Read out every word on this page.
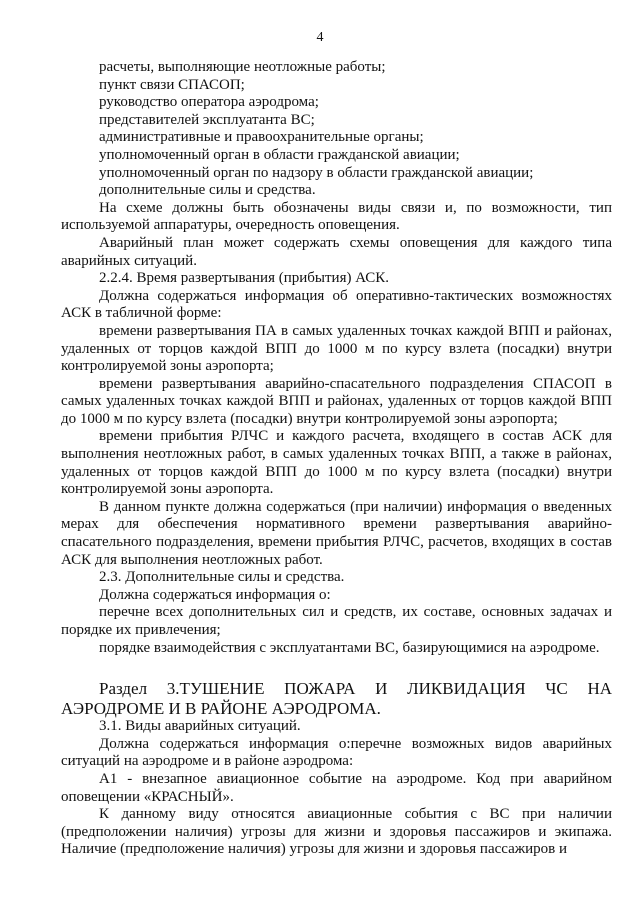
4

расчеты, выполняющие неотложные работы;

пункт связи СПАСОП;

руководство оператора аэродрома;

представителей эксплуатанта ВС;

административные и правоохранительные органы;

уполномоченный орган в области гражданской авиации;

уполномоченный орган по надзору в области гражданской авиации;

дополнительные силы и средства.

На схеме должны быть обозначены виды связи и, по возможности, тип используемой аппаратуры, очередность оповещения.

Аварийный план может содержать схемы оповещения для каждого типа аварийных ситуаций.

2.2.4. Время развертывания (прибытия) АСК.

Должна содержаться информация об оперативно-тактических возможностях АСК в табличной форме:

времени развертывания ПА в самых удаленных точках каждой ВПП и районах, удаленных от торцов каждой ВПП до 1000 м по курсу взлета (посадки) внутри контролируемой зоны аэропорта;

времени развертывания аварийно-спасательного подразделения СПАСОП в самых удаленных точках каждой ВПП и районах, удаленных от торцов каждой ВПП до 1000 м по курсу взлета (посадки) внутри контролируемой зоны аэропорта;

времени прибытия РЛЧС и каждого расчета, входящего в состав АСК для выполнения неотложных работ, в самых удаленных точках ВПП, а также в районах, удаленных от торцов каждой ВПП до 1000 м по курсу взлета (посадки) внутри контролируемой зоны аэропорта.

В данном пункте должна содержаться (при наличии) информация о введенных мерах для обеспечения нормативного времени развертывания аварийно-спасательного подразделения, времени прибытия РЛЧС, расчетов, входящих в состав АСК для выполнения неотложных работ.

2.3. Дополнительные силы и средства.

Должна содержаться информация о:

перечне всех дополнительных сил и средств, их составе, основных задачах и порядке их привлечения;

порядке взаимодействия с эксплуатантами ВС, базирующимися на аэродроме.

Раздел 3.ТУШЕНИЕ ПОЖАРА И ЛИКВИДАЦИЯ ЧС НА АЭРОДРОМЕ И В РАЙОНЕ АЭРОДРОМА.

3.1. Виды аварийных ситуаций.

Должна содержаться информация о:перечне возможных видов аварийных ситуаций на аэродроме и в районе аэродрома:

А1 - внезапное авиационное событие на аэродроме. Код при аварийном оповещении «КРАСНЫЙ».

К данному виду относятся авиационные события с ВС при наличии (предположении наличия) угрозы для жизни и здоровья пассажиров и экипажа. Наличие (предположение наличия) угрозы для жизни и здоровья пассажиров и
